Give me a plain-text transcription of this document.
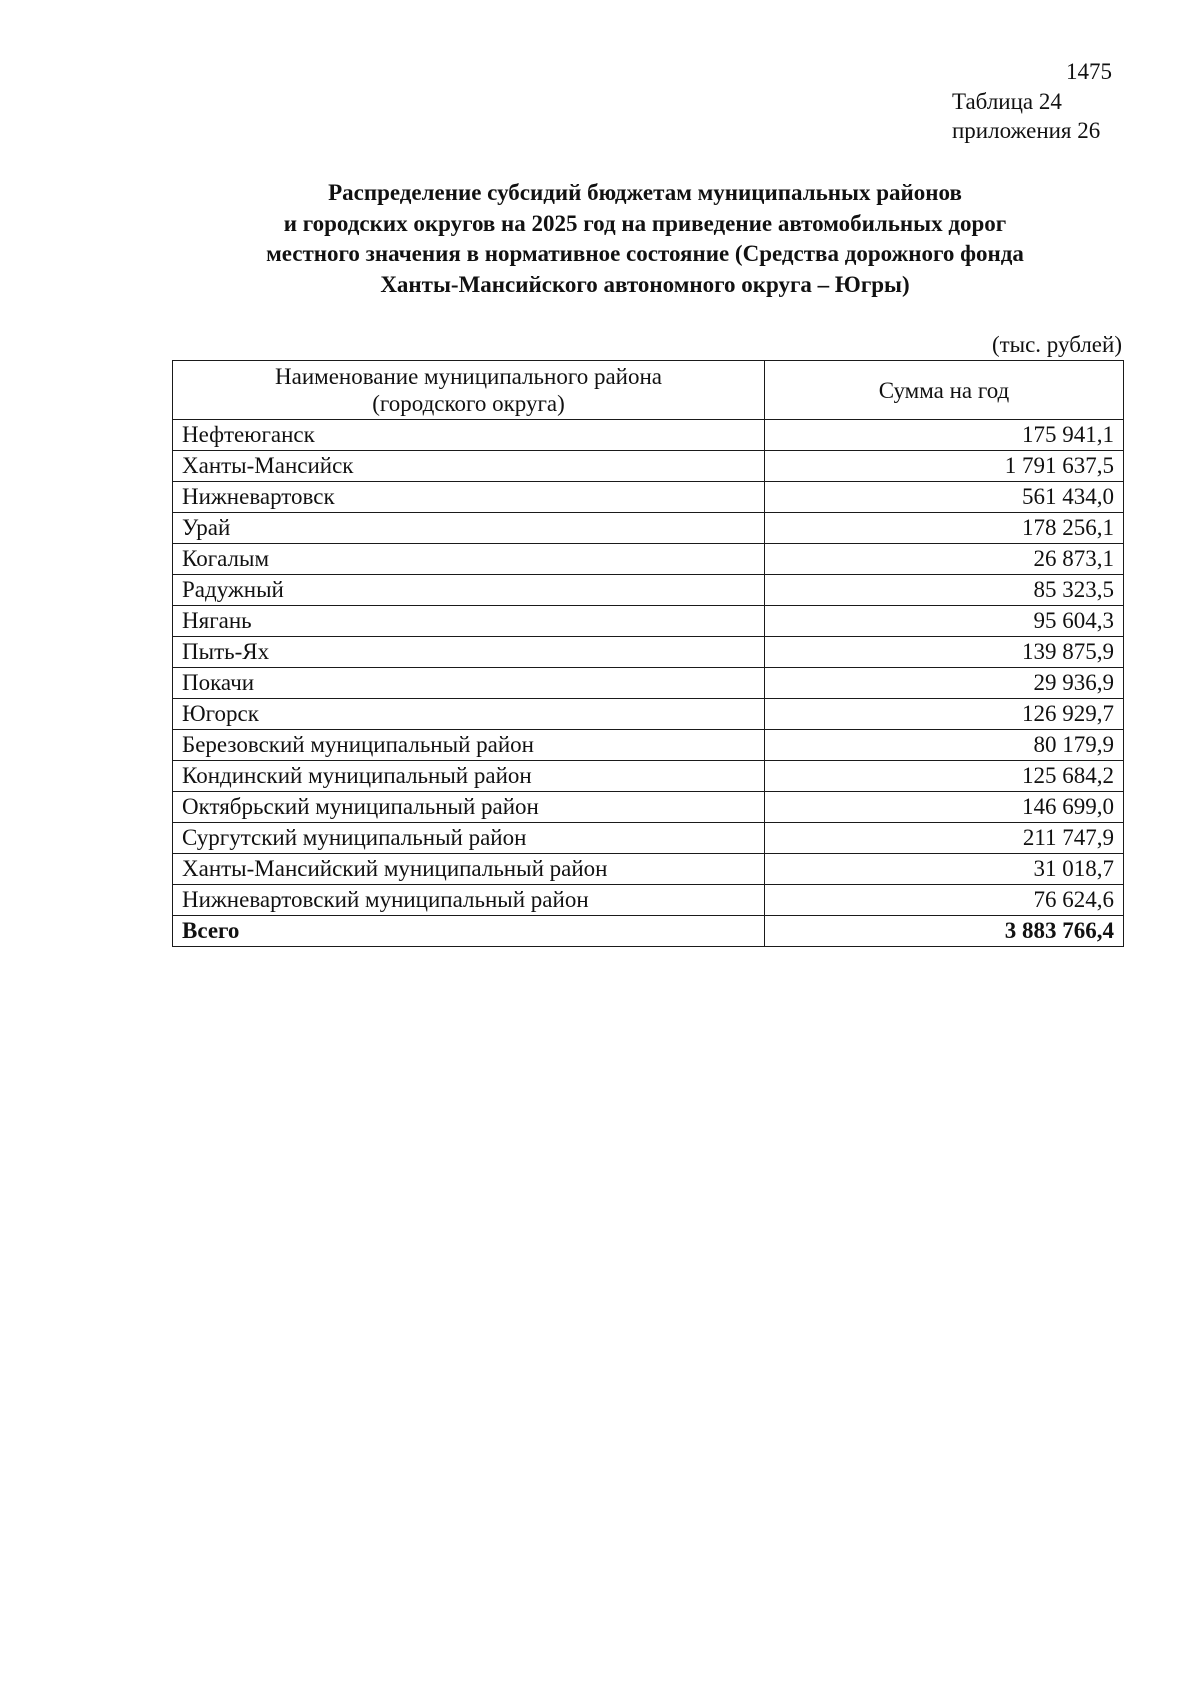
1475
Таблица 24
приложения 26
Распределение субсидий бюджетам муниципальных районов
и городских округов на 2025 год на приведение автомобильных дорог
местного значения в нормативное состояние (Средства дорожного фонда
Ханты-Мансийского автономного округа – Югры)
(тыс. рублей)
Наименование муниципального района
(городского округа)	Сумма на год
Нефтеюганск	175 941,1
Ханты-Мансийск	1 791 637,5
Нижневартовск	561 434,0
Урай	178 256,1
Когалым	26 873,1
Радужный	85 323,5
Нягань	95 604,3
Пыть-Ях	139 875,9
Покачи	29 936,9
Югорск	126 929,7
Березовский муниципальный район	80 179,9
Кондинский муниципальный район	125 684,2
Октябрьский муниципальный район	146 699,0
Сургутский муниципальный район	211 747,9
Ханты-Мансийский муниципальный район	31 018,7
Нижневартовский муниципальный район	76 624,6
Всего	3 883 766,4
